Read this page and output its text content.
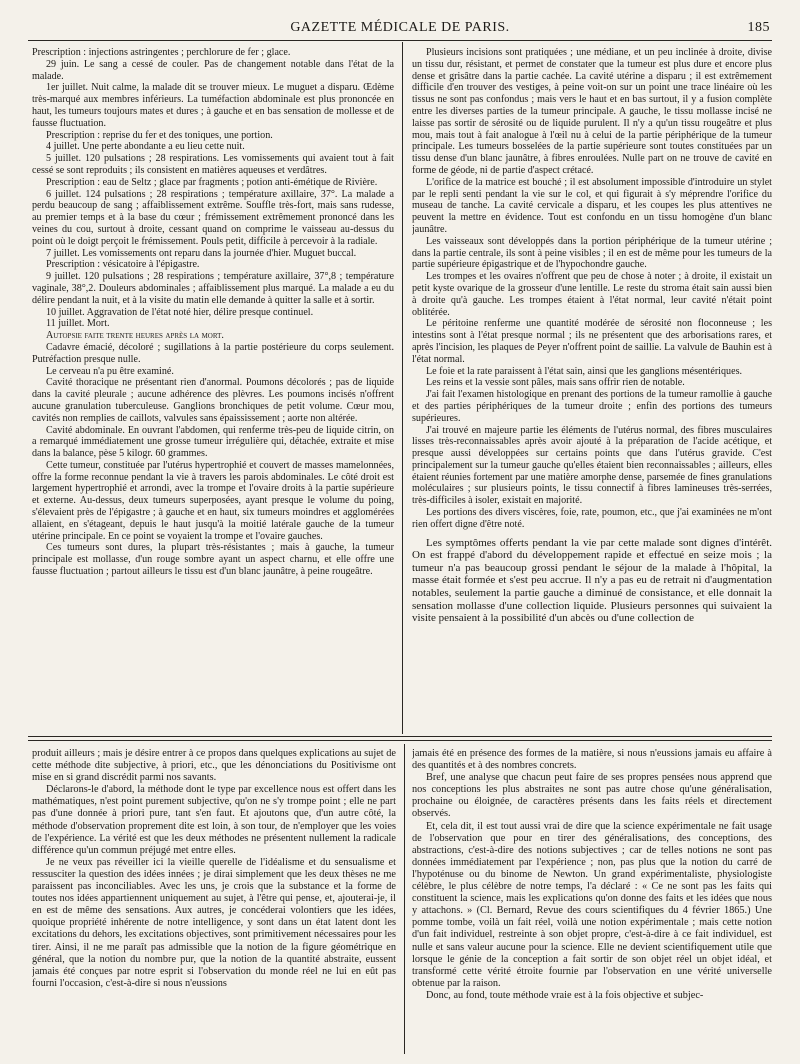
GAZETTE MÉDICALE DE PARIS.	185

Prescription : injections astringentes ; perchlorure de fer ; glace.

29 juin. Le sang a cessé de couler. Pas de changement notable dans l'état de la malade.

1er juillet. Nuit calme, la malade dit se trouver mieux. Le muguet a disparu. Œdème très-marqué aux membres inférieurs. La tuméfaction abdominale est plus prononcée en haut, les tumeurs toujours mates et dures ; à gauche et en bas sensation de mollesse et de fausse fluctuation.

Prescription : reprise du fer et des toniques, une portion.

4 juillet. Une perte abondante a eu lieu cette nuit.

5 juillet. 120 pulsations ; 28 respirations. Les vomissements qui avaient tout à fait cessé se sont reproduits ; ils consistent en matières aqueuses et verdâtres.

Prescription : eau de Seltz ; glace par fragments ; potion anti-émétique de Rivière.

6 juillet. 124 pulsations ; 28 respirations ; température axillaire, 37°. La malade a perdu beaucoup de sang ; affaiblissement extrême. Souffle très-fort, mais sans rudesse, au premier temps et à la base du cœur ; frémissement extrêmement prononcé dans les veines du cou, surtout à droite, cessant quand on comprime le vaisseau au-dessus du point où le doigt perçoit le frémissement. Pouls petit, difficile à percevoir à la radiale.

7 juillet. Les vomissements ont reparu dans la journée d'hier. Muguet buccal.

Prescription : vésicatoire à l'épigastre.

9 juillet. 120 pulsations ; 28 respirations ; température axillaire, 37°,8 ; température vaginale, 38°,2. Douleurs abdominales ; affaiblissement plus marqué. La malade a eu du délire pendant la nuit, et à la visite du matin elle demande à quitter la salle et à sortir.

10 juillet. Aggravation de l'état noté hier, délire presque continuel.

11 juillet. Mort.

Autopsie faite trente heures après la mort.

Cadavre émacié, décoloré ; sugillations à la partie postérieure du corps seulement. Putréfaction presque nulle.

Le cerveau n'a pu être examiné.

Cavité thoracique ne présentant rien d'anormal. Poumons décolorés ; pas de liquide dans la cavité pleurale ; aucune adhérence des plèvres. Les poumons incisés n'offrent aucune granulation tuberculeuse. Ganglions bronchiques de petit volume. Cœur mou, cavités non remplies de caillots, valvules sans épaississement ; aorte non altérée.

Cavité abdominale. En ouvrant l'abdomen, qui renferme très-peu de liquide citrin, on a remarqué immédiatement une grosse tumeur irrégulière qui, détachée, extraite et mise dans la balance, pèse 5 kilogr. 60 grammes.

Cette tumeur, constituée par l'utérus hypertrophié et couvert de masses mamelonnées, offre la forme reconnue pendant la vie à travers les parois abdominales. Le côté droit est largement hypertrophié et arrondi, avec la trompe et l'ovaire droits à la partie supérieure et externe. Au-dessus, deux tumeurs superposées, ayant presque le volume du poing, s'élevaient près de l'épigastre ; à gauche et en haut, six tumeurs moindres et agglomérées allaient, en s'étageant, depuis le haut jusqu'à la moitié latérale gauche de la tumeur utérine principale. En ce point se voyaient la trompe et l'ovaire gauches.

Ces tumeurs sont dures, la plupart très-résistantes ; mais à gauche, la tumeur principale est mollasse, d'un rouge sombre ayant un aspect charnu, et elle offre une fausse fluctuation ; partout ailleurs le tissu est d'un blanc jaunâtre, à peine rougeâtre.

Plusieurs incisions sont pratiquées ; une médiane, et un peu inclinée à droite, divise un tissu dur, résistant, et permet de constater que la tumeur est plus dure et encore plus dense et grisâtre dans la partie cachée. La cavité utérine a disparu ; il est extrêmement difficile d'en trouver des vestiges, à peine voit-on sur un point une trace linéaire où les tissus ne sont pas confondus ; mais vers le haut et en bas surtout, il y a fusion complète entre les diverses parties de la tumeur principale. A gauche, le tissu mollasse incisé ne laisse pas sortir de sérosité ou de liquide purulent. Il n'y a qu'un tissu rougeâtre et plus mou, mais tout à fait analogue à l'œil nu à celui de la partie périphérique de la tumeur principale. Les tumeurs bosselées de la partie supérieure sont toutes constituées par un tissu dense d'un blanc jaunâtre, à fibres enroulées. Nulle part on ne trouve de cavité en forme de géode, ni de partie d'aspect crétacé.

L'orifice de la matrice est bouché ; il est absolument impossible d'introduire un stylet par le repli senti pendant la vie sur le col, et qui figurait à s'y méprendre l'orifice du museau de tanche. La cavité cervicale a disparu, et les coupes les plus attentives ne peuvent la mettre en évidence. Tout est confondu en un tissu homogène d'un blanc jaunâtre.

Les vaisseaux sont développés dans la portion périphérique de la tumeur utérine ; dans la partie centrale, ils sont à peine visibles ; il en est de même pour les tumeurs de la partie supérieure épigastrique et de l'hypochondre gauche.

Les trompes et les ovaires n'offrent que peu de chose à noter ; à droite, il existait un petit kyste ovarique de la grosseur d'une lentille. Le reste du stroma était sain aussi bien à droite qu'à gauche. Les trompes étaient à l'état normal, leur cavité n'était point oblitérée.

Le péritoine renferme une quantité modérée de sérosité non floconneuse ; les intestins sont à l'état presque normal ; ils ne présentent que des arborisations rares, et après l'incision, les plaques de Peyer n'offrent point de saillie. La valvule de Bauhin est à l'état normal.

Le foie et la rate paraissent à l'état sain, ainsi que les ganglions mésentériques.

Les reins et la vessie sont pâles, mais sans offrir rien de notable.

J'ai fait l'examen histologique en prenant des portions de la tumeur ramollie à gauche et des parties périphériques de la tumeur droite ; enfin des portions des tumeurs supérieures.

J'ai trouvé en majeure partie les éléments de l'utérus normal, des fibres musculaires lisses très-reconnaissables après avoir ajouté à la préparation de l'acide acétique, et presque aussi développées sur certains points que dans l'utérus gravide. C'est principalement sur la tumeur gauche qu'elles étaient bien reconnaissables ; ailleurs, elles étaient réunies fortement par une matière amorphe dense, parsemée de fines granulations moléculaires ; sur plusieurs points, le tissu connectif à fibres lamineuses très-serrées, très-difficiles à isoler, existait en majorité.

Les portions des divers viscères, foie, rate, poumon, etc., que j'ai examinées ne m'ont rien offert digne d'être noté.

Les symptômes offerts pendant la vie par cette malade sont dignes d'intérêt. On est frappé d'abord du développement rapide et effectué en seize mois ; la tumeur n'a pas beaucoup grossi pendant le séjour de la malade à l'hôpital, la masse était formée et s'est peu accrue. Il n'y a pas eu de retrait ni d'augmentation notables, seulement la partie gauche a diminué de consistance, et elle donnait la sensation mollasse d'une collection liquide. Plusieurs personnes qui suivaient la visite pensaient à la possibilité d'un abcès ou d'une collection de

produit ailleurs ; mais je désire entrer à ce propos dans quelques explications au sujet de cette méthode dite subjective, à priori, etc., que les dénonciations du Positivisme ont mise en si grand discrédit parmi nos savants.

Déclarons-le d'abord, la méthode dont le type par excellence nous est offert dans les mathématiques, n'est point purement subjective, qu'on ne s'y trompe point ; elle ne part pas d'une donnée à priori pure, tant s'en faut. Et ajoutons que, d'un autre côté, la méthode d'observation proprement dite est loin, à son tour, de n'employer que les voies de l'expérience. La vérité est que les deux méthodes ne présentent nullement la radicale différence qu'un commun préjugé met entre elles.

Je ne veux pas réveiller ici la vieille querelle de l'idéalisme et du sensualisme et ressusciter la question des idées innées ; je dirai simplement que les deux thèses ne me paraissent pas inconciliables. Avec les uns, je crois que la substance et la forme de toutes nos idées appartiennent uniquement au sujet, à l'être qui pense, et, ajouterai-je, il en est de même des sensations. Aux autres, je concéderai volontiers que les idées, quoique propriété inhérente de notre intelligence, y sont dans un état latent dont les excitations du dehors, les excitations objectives, sont primitivement nécessaires pour les tirer. Ainsi, il ne me paraît pas admissible que la notion de la figure géométrique en général, que la notion du nombre pur, que la notion de la quantité abstraite, eussent jamais été conçues par notre esprit si l'observation du monde réel ne lui en eût pas fourni l'occasion, c'est-à-dire si nous n'eussions

jamais été en présence des formes de la matière, si nous n'eussions jamais eu affaire à des quantités et à des nombres concrets.

Bref, une analyse que chacun peut faire de ses propres pensées nous apprend que nos conceptions les plus abstraites ne sont pas autre chose qu'une généralisation, prochaine ou éloignée, de caractères présents dans les faits réels et directement observés.

Et, cela dit, il est tout aussi vrai de dire que la science expérimentale ne fait usage de l'observation que pour en tirer des généralisations, des conceptions, des abstractions, c'est-à-dire des notions subjectives ; car de telles notions ne sont pas données immédiatement par l'expérience ; non, pas plus que la notion du carré de l'hypoténuse ou du binome de Newton. Un grand expérimentaliste, physiologiste célèbre, le plus célèbre de notre temps, l'a déclaré : « Ce ne sont pas les faits qui constituent la science, mais les explications qu'on donne des faits et les idées que nous y attachons. » (Cl. Bernard, Revue des cours scientifiques du 4 février 1865.) Une pomme tombe, voilà un fait réel, voilà une notion expérimentale ; mais cette notion d'un fait individuel, restreinte à son objet propre, c'est-à-dire à ce fait individuel, est nulle et sans valeur aucune pour la science. Elle ne devient scientifiquement utile que lorsque le génie de la conception a fait sortir de son objet réel un objet idéal, et transformé cette vérité étroite fournie par l'observation en une vérité universelle obtenue par la raison.

Donc, au fond, toute méthode vraie est à la fois objective et subjec-
